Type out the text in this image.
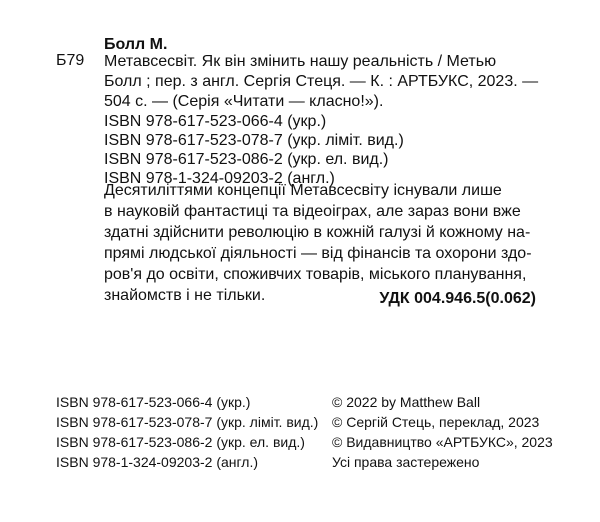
Болл М.
Б79 Метавсесвіт. Як він змінить нашу реальність / Метью
Болл ; пер. з англ. Сергія Стеця. — К. : АРТБУКС, 2023. —
504 с. — (Серія «Читати — класно!»).
ISBN 978-617-523-066-4 (укр.)
ISBN 978-617-523-078-7 (укр. лiмiт. вид.)
ISBN 978-617-523-086-2 (укр. ел. вид.)
ISBN 978-1-324-09203-2 (англ.)
Десятиліттями концепції Метавсесвіту існували лише
в науковій фантастиці та відеоіграх, але зараз вони вже
здатні здійснити революцію в кожній галузі й кожному на-
прямі людської діяльності — від фінансів та охорони здо-
ров'я до освіти, споживчих товарів, міського планування,
знайомств і не тільки.	УДК 004.946.5(0.062)
ISBN 978-617-523-066-4 (укр.)
ISBN 978-617-523-078-7 (укр. лiмiт. вид.)
ISBN 978-617-523-086-2 (укр. ел. вид.)
ISBN 978-1-324-09203-2 (англ.)
© 2022 by Matthew Ball
© Сергій Стець, переклад, 2023
© Видавництво «АРТБУКС», 2023
Усі права застережено
